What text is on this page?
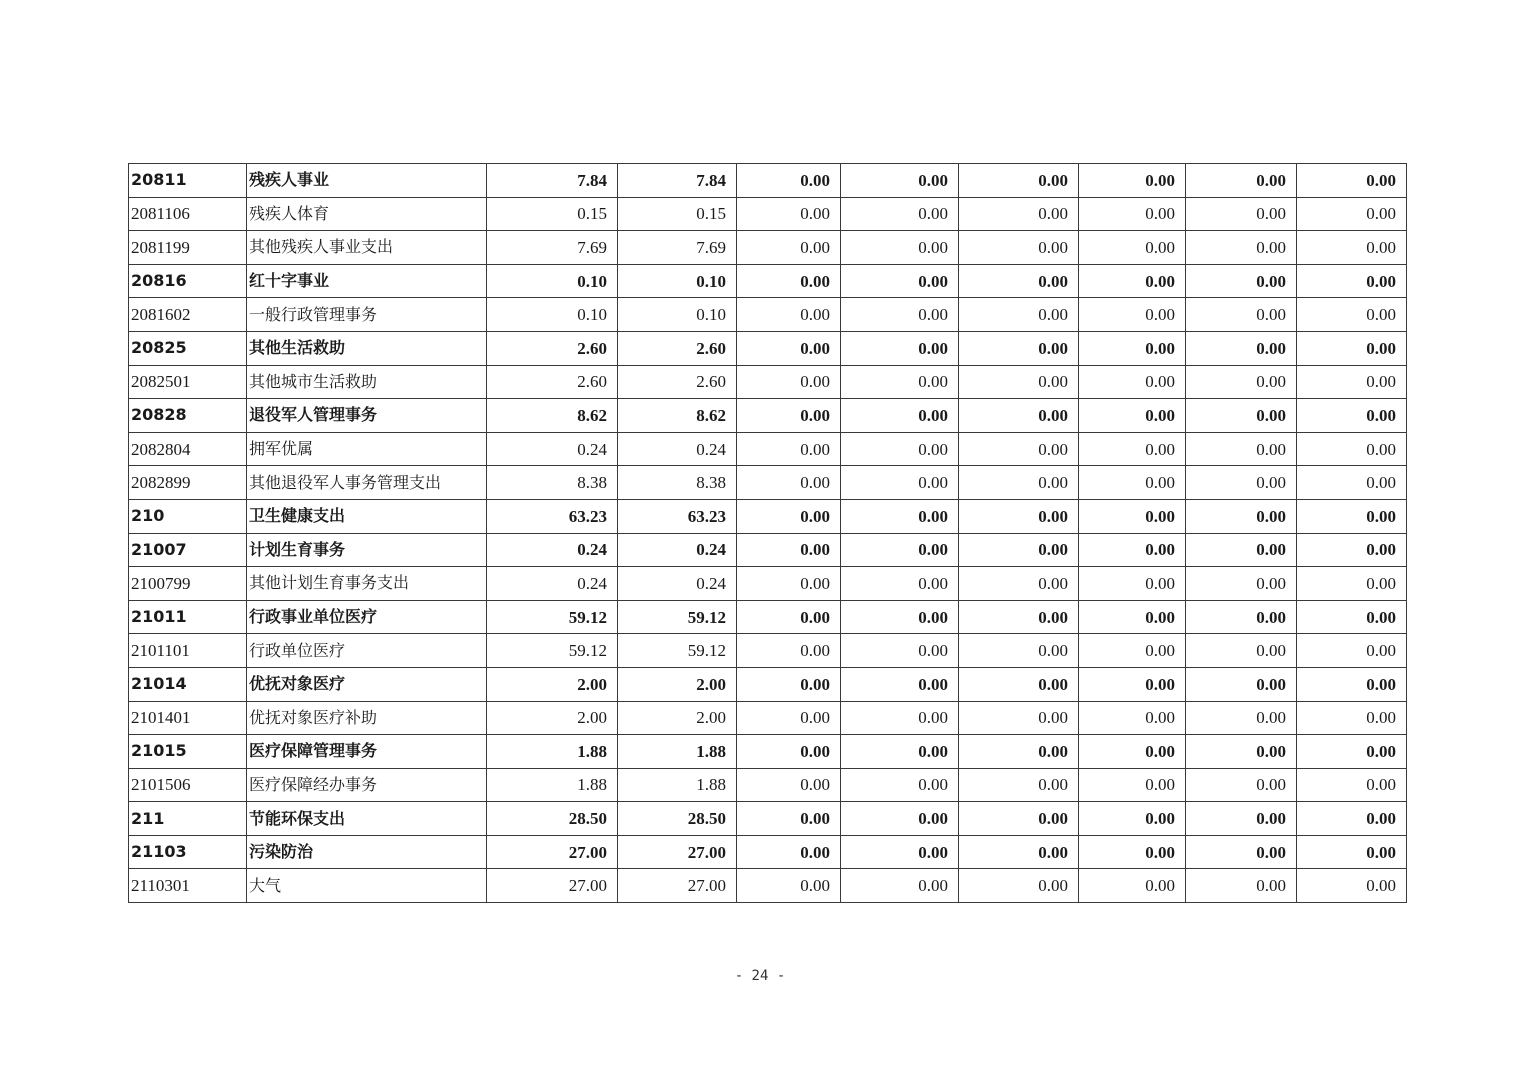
20811	残疾人事业	7.84	7.84	0.00	0.00	0.00	0.00	0.00	0.00
2081106	残疾人体育	0.15	0.15	0.00	0.00	0.00	0.00	0.00	0.00
2081199	其他残疾人事业支出	7.69	7.69	0.00	0.00	0.00	0.00	0.00	0.00
20816	红十字事业	0.10	0.10	0.00	0.00	0.00	0.00	0.00	0.00
2081602	一般行政管理事务	0.10	0.10	0.00	0.00	0.00	0.00	0.00	0.00
20825	其他生活救助	2.60	2.60	0.00	0.00	0.00	0.00	0.00	0.00
2082501	其他城市生活救助	2.60	2.60	0.00	0.00	0.00	0.00	0.00	0.00
20828	退役军人管理事务	8.62	8.62	0.00	0.00	0.00	0.00	0.00	0.00
2082804	拥军优属	0.24	0.24	0.00	0.00	0.00	0.00	0.00	0.00
2082899	其他退役军人事务管理支出	8.38	8.38	0.00	0.00	0.00	0.00	0.00	0.00
210	卫生健康支出	63.23	63.23	0.00	0.00	0.00	0.00	0.00	0.00
21007	计划生育事务	0.24	0.24	0.00	0.00	0.00	0.00	0.00	0.00
2100799	其他计划生育事务支出	0.24	0.24	0.00	0.00	0.00	0.00	0.00	0.00
21011	行政事业单位医疗	59.12	59.12	0.00	0.00	0.00	0.00	0.00	0.00
2101101	行政单位医疗	59.12	59.12	0.00	0.00	0.00	0.00	0.00	0.00
21014	优抚对象医疗	2.00	2.00	0.00	0.00	0.00	0.00	0.00	0.00
2101401	优抚对象医疗补助	2.00	2.00	0.00	0.00	0.00	0.00	0.00	0.00
21015	医疗保障管理事务	1.88	1.88	0.00	0.00	0.00	0.00	0.00	0.00
2101506	医疗保障经办事务	1.88	1.88	0.00	0.00	0.00	0.00	0.00	0.00
211	节能环保支出	28.50	28.50	0.00	0.00	0.00	0.00	0.00	0.00
21103	污染防治	27.00	27.00	0.00	0.00	0.00	0.00	0.00	0.00
2110301	大气	27.00	27.00	0.00	0.00	0.00	0.00	0.00	0.00
- 24 -
